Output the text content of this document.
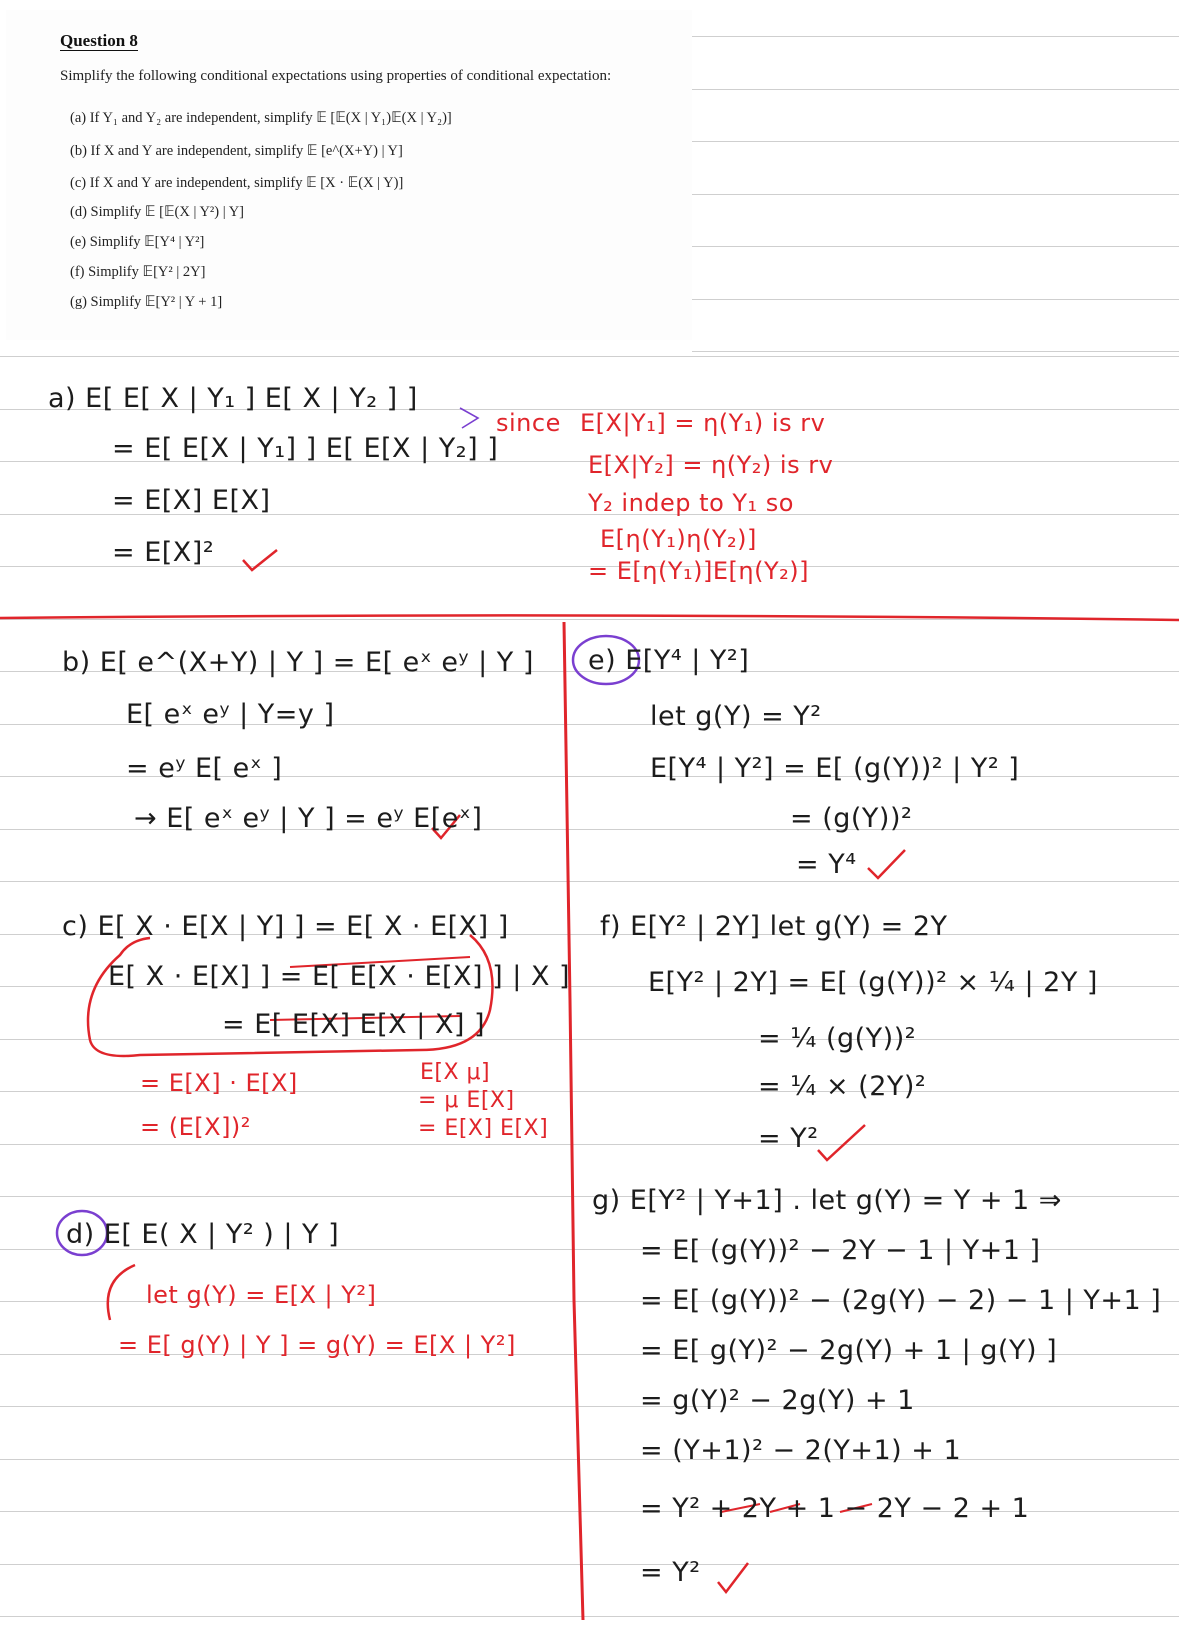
Question 8
Simplify the following conditional expectations using properties of conditional expectation:
(a) If Y₁ and Y₂ are independent, simplify 𝔼 [𝔼(X | Y₁)𝔼(X | Y₂)]
(b) If X and Y are independent, simplify 𝔼 [e^(X+Y) | Y]
(c) If X and Y are independent, simplify 𝔼 [X · 𝔼(X | Y)]
(d) Simplify 𝔼 [𝔼(X | Y²) | Y]
(e) Simplify 𝔼[Y⁴ | Y²]
(f) Simplify 𝔼[Y² | 2Y]
(g) Simplify 𝔼[Y² | Y + 1]
a) E[ E[ X | Y₁ ] E[ X | Y₂ ] ]
= E[ E[X | Y₁] ] E[ E[X | Y₂] ]
= E[X] E[X]
= E[X]²
since E[X|Y₁] = η(Y₁) is rv
E[X|Y₂] = η(Y₂) is rv
Y₂ indep to Y₁ so
E[η(Y₁)η(Y₂)]
= E[η(Y₁)]E[η(Y₂)]
b) E[ e^(X+Y) | Y ] = E[ eˣ eʸ | Y ]
E[ eˣ eʸ | Y=y ]
= eʸ E[ eˣ ]
→ E[ eˣ eʸ | Y ] = eʸ E[eˣ]
c) E[ X · E[X | Y] ] = E[ X · E[X] ]
E[ X · E[X] ] = E[ E[X · E[X] ] | X ]
= E[ E[X] E[X | X] ]
= E[X] · E[X]
= (E[X])²
E[X μ]
= μ E[X]
= E[X] E[X]
d) E[ E( X | Y² ) | Y ]
let g(Y) = E[X | Y²]
= E[ g(Y) | Y ] = g(Y) = E[X | Y²]
e) E[Y⁴ | Y²]
let g(Y) = Y²
E[Y⁴ | Y²] = E[ (g(Y))² | Y² ]
= (g(Y))²
= Y⁴
f) E[Y² | 2Y] let g(Y) = 2Y
E[Y² | 2Y] = E[ (g(Y))² × ¼ | 2Y ]
= ¼ (g(Y))²
= ¼ × (2Y)²
= Y²
g) E[Y² | Y+1] . let g(Y) = Y + 1 ⇒
= E[ (g(Y))² − 2Y − 1 | Y+1 ]
= E[ (g(Y))² − (2g(Y) − 2) − 1 | Y+1 ]
= E[ g(Y)² − 2g(Y) + 1 | g(Y) ]
= g(Y)² − 2g(Y) + 1
= (Y+1)² − 2(Y+1) + 1
= Y² + 2Y + 1 − 2Y − 2 + 1
= Y²
